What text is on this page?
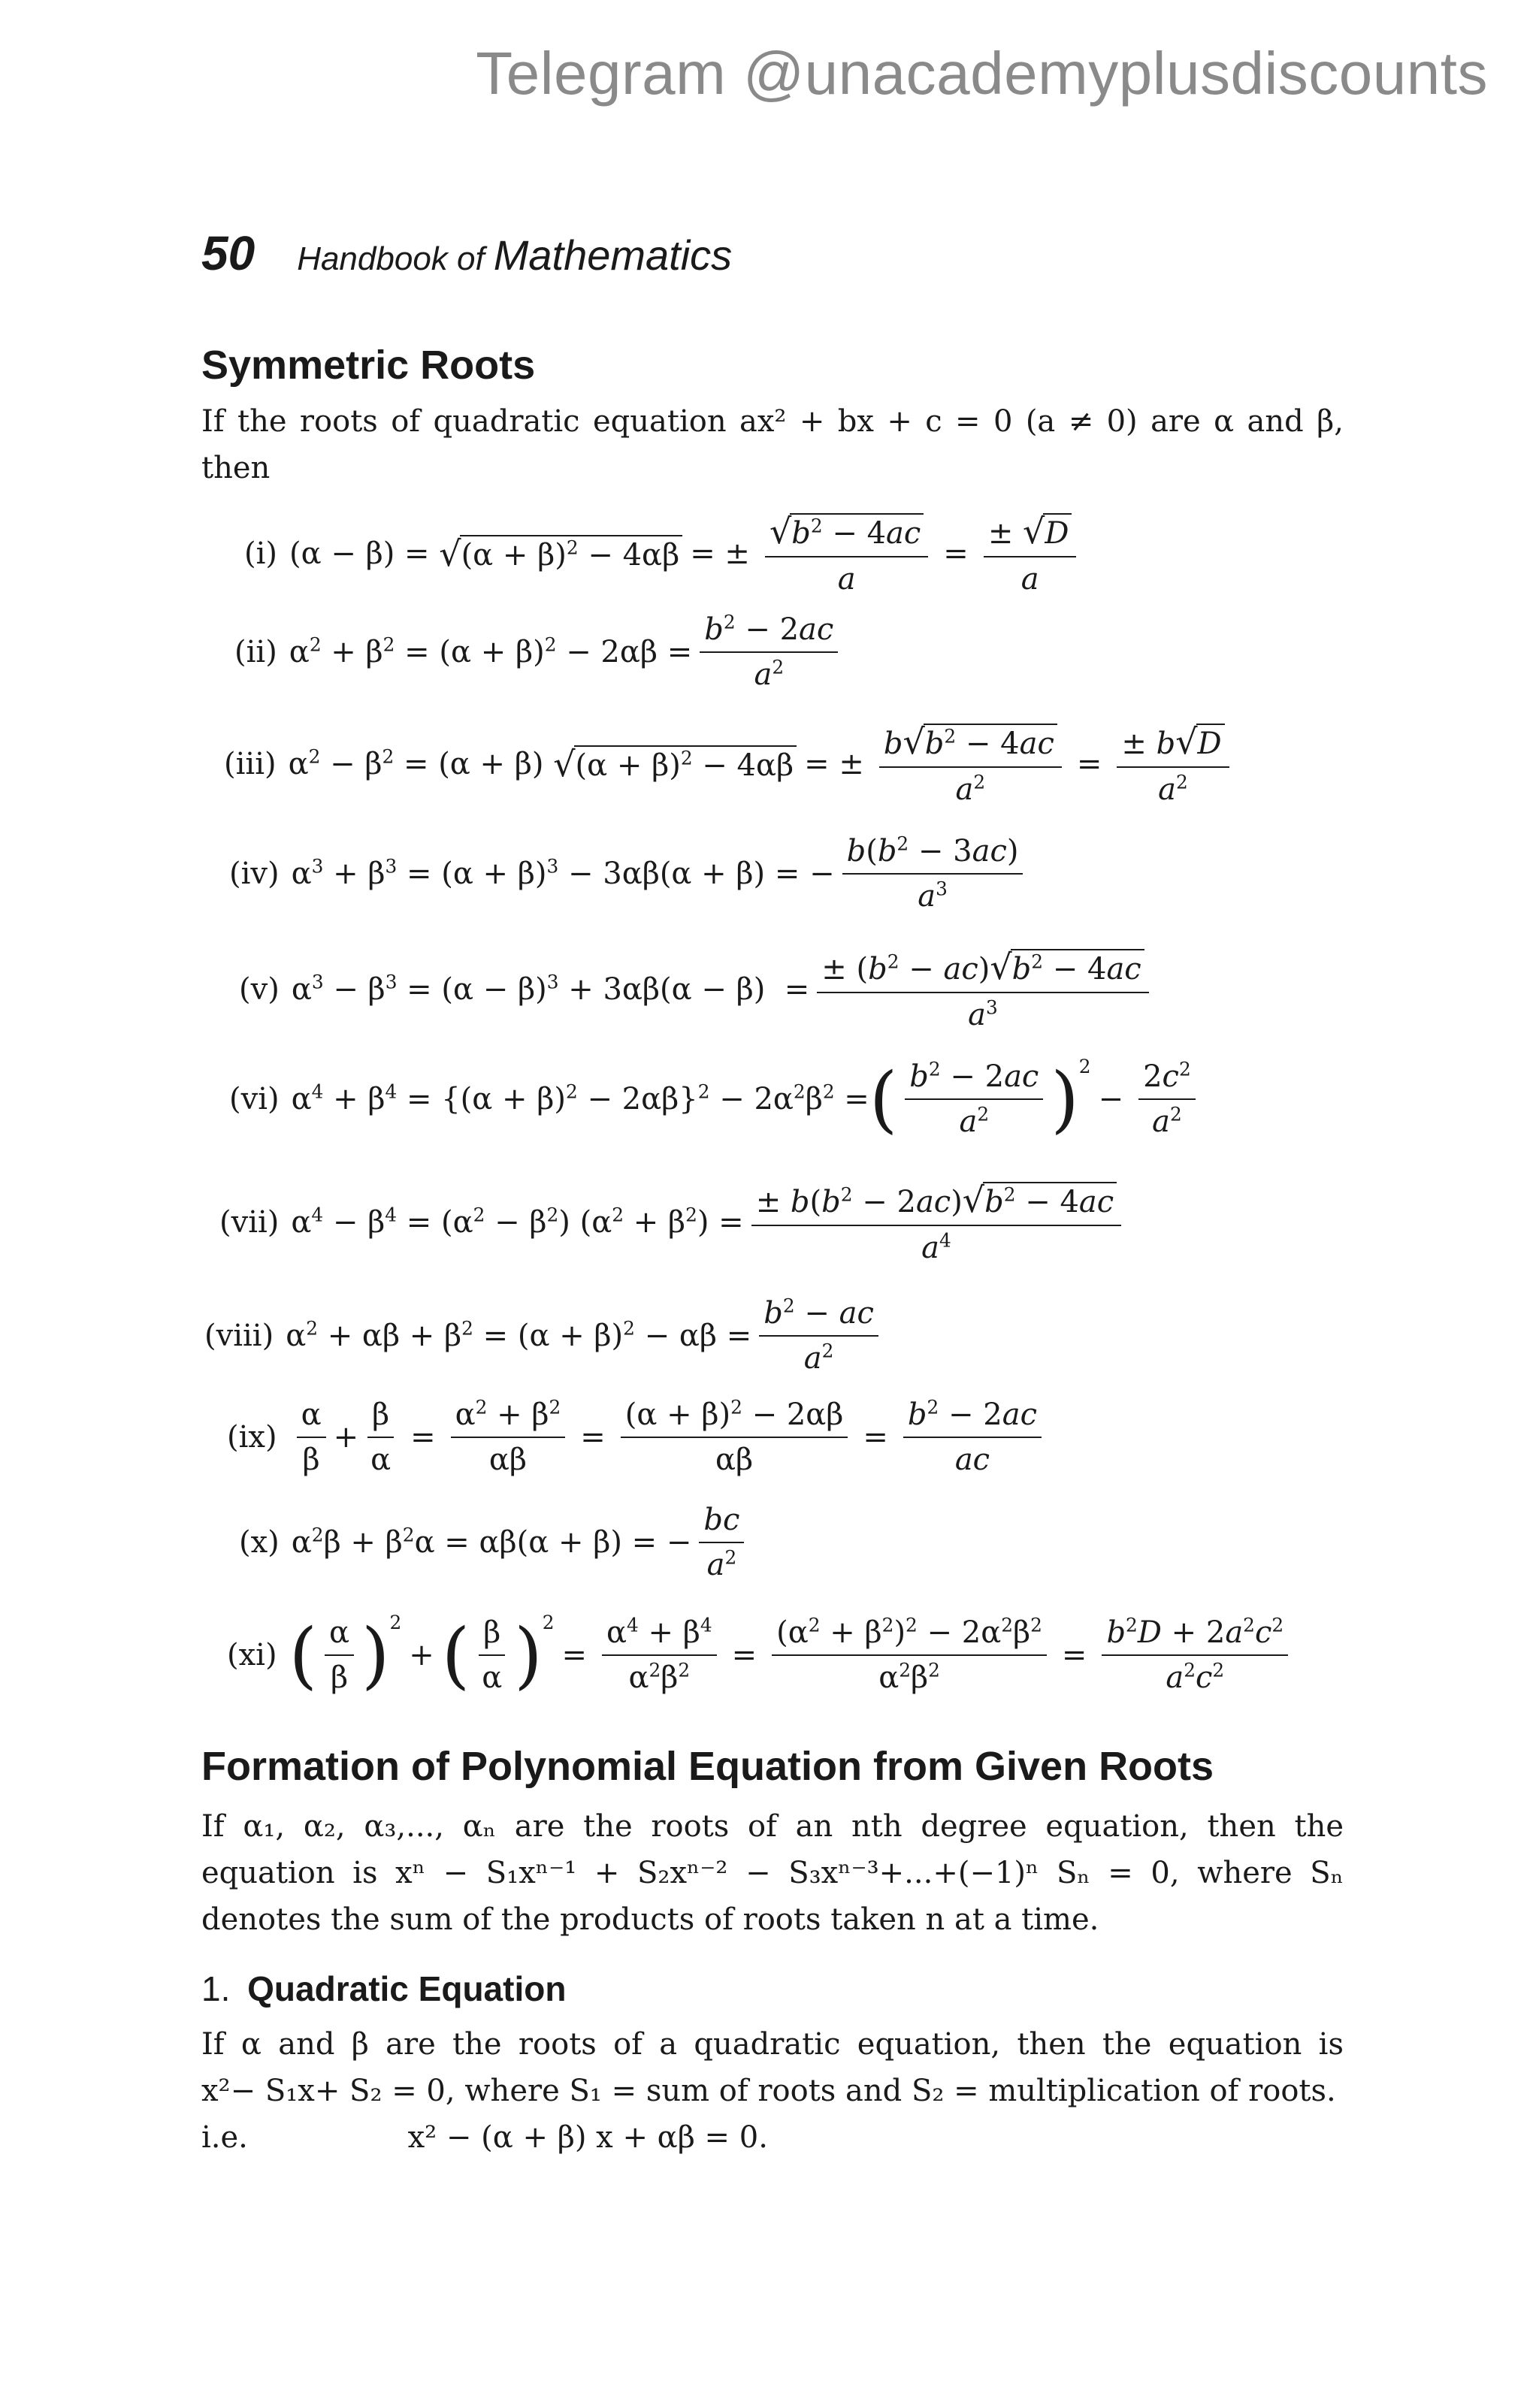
Telegram @unacademyplusdiscounts
50 Handbook of Mathematics
Symmetric Roots
If the roots of quadratic equation ax² + bx + c = 0 (a ≠ 0) are α and β,
then
(i) (α − β) = √ $(\alpha + \beta)^2 - 4\alpha\beta$ = ± $\frac{√b^2 - 4ac}{a} = \frac{\pm √D}{a}$
(ii) $\alpha^2 + \beta^2 = (\alpha + \beta)^2 - 2\alpha\beta = \frac{b^2 - 2ac}{a^2}$
(iii) $\alpha^2 - \beta^2 = (\alpha + \beta)$ √ $(\alpha + \beta)^2 - 4\alpha\beta$ = ± $\frac{b√b^2 - 4ac}{a^2} = \frac{\pm b√D}{a^2}$
(iv) $\alpha^3 + \beta^3 = (\alpha + \beta)^3 - 3\alpha\beta(\alpha + \beta)$ = − $\frac{b(b^2 - 3ac)}{a^3}$
(v) $\alpha^3 - \beta^3 = (\alpha - \beta)^3 + 3\alpha\beta(\alpha - \beta) = \frac{\pm (b^2 - ac)√b^2 - 4ac}{a^3}$
(vi) $\alpha^4 + \beta^4 = \{(\alpha + \beta)^2 - 2\alpha\beta\}^2 - 2\alpha^2\beta^2$ = ( $\frac{b^2 - 2ac}{a^2}$ ) 2
− $\frac{2c^2}{a^2}$
(vii) $\alpha^4 - \beta^4 = (\alpha^2 - \beta^2) (\alpha^2 + \beta^2) = \frac{\pm b(b^2 - 2ac)√b^2 - 4ac}{a^4}$
(viii) $\alpha^2 + \alpha\beta + \beta^2 = (\alpha + \beta)^2 - \alpha\beta = \frac{b^2 - ac}{a^2}$
$(ix) \frac{\alpha}{\beta} + \frac{\beta}{\alpha} = \frac{\alpha^2 + \beta^2}{\alpha\beta} = \frac{(\alpha + \beta)^2 - 2\alpha\beta}{\alpha\beta} = \frac{b^2 - 2ac}{ac}$
(x) $\alpha^2\beta + \beta^2\alpha = \alpha\beta(\alpha + \beta)$ = − $\frac{bc}{a^2}$
(xi) ( $\frac{\alpha}{\beta}$ ) 2
+ ( $\frac{\beta}{\alpha}$ ) 2
= $\frac{\alpha^4 + \beta^4}{\alpha^2\beta^2} = \frac{(\alpha^2 + \beta^2)^2 - 2\alpha^2\beta^2}{\alpha^2\beta^2} = \frac{b^2D + 2a^2c^2}{a^2c^2}$
Formation of Polynomial Equation from Given Roots
If α₁, α₂, α₃,..., αₙ are the roots of an nth degree equation, then the
equation is xⁿ − S₁xⁿ⁻¹ + S₂xⁿ⁻² − S₃xⁿ⁻³+...+(−1)ⁿ Sₙ = 0, where Sₙ
denotes the sum of the products of roots taken n at a time.
1. Quadratic Equation
If α and β are the roots of a quadratic equation, then the equation is
x²− S₁x+ S₂ = 0, where S₁ = sum of roots and S₂ = multiplication of roots.
i.e.	x² − (α + β) x + αβ = 0.
